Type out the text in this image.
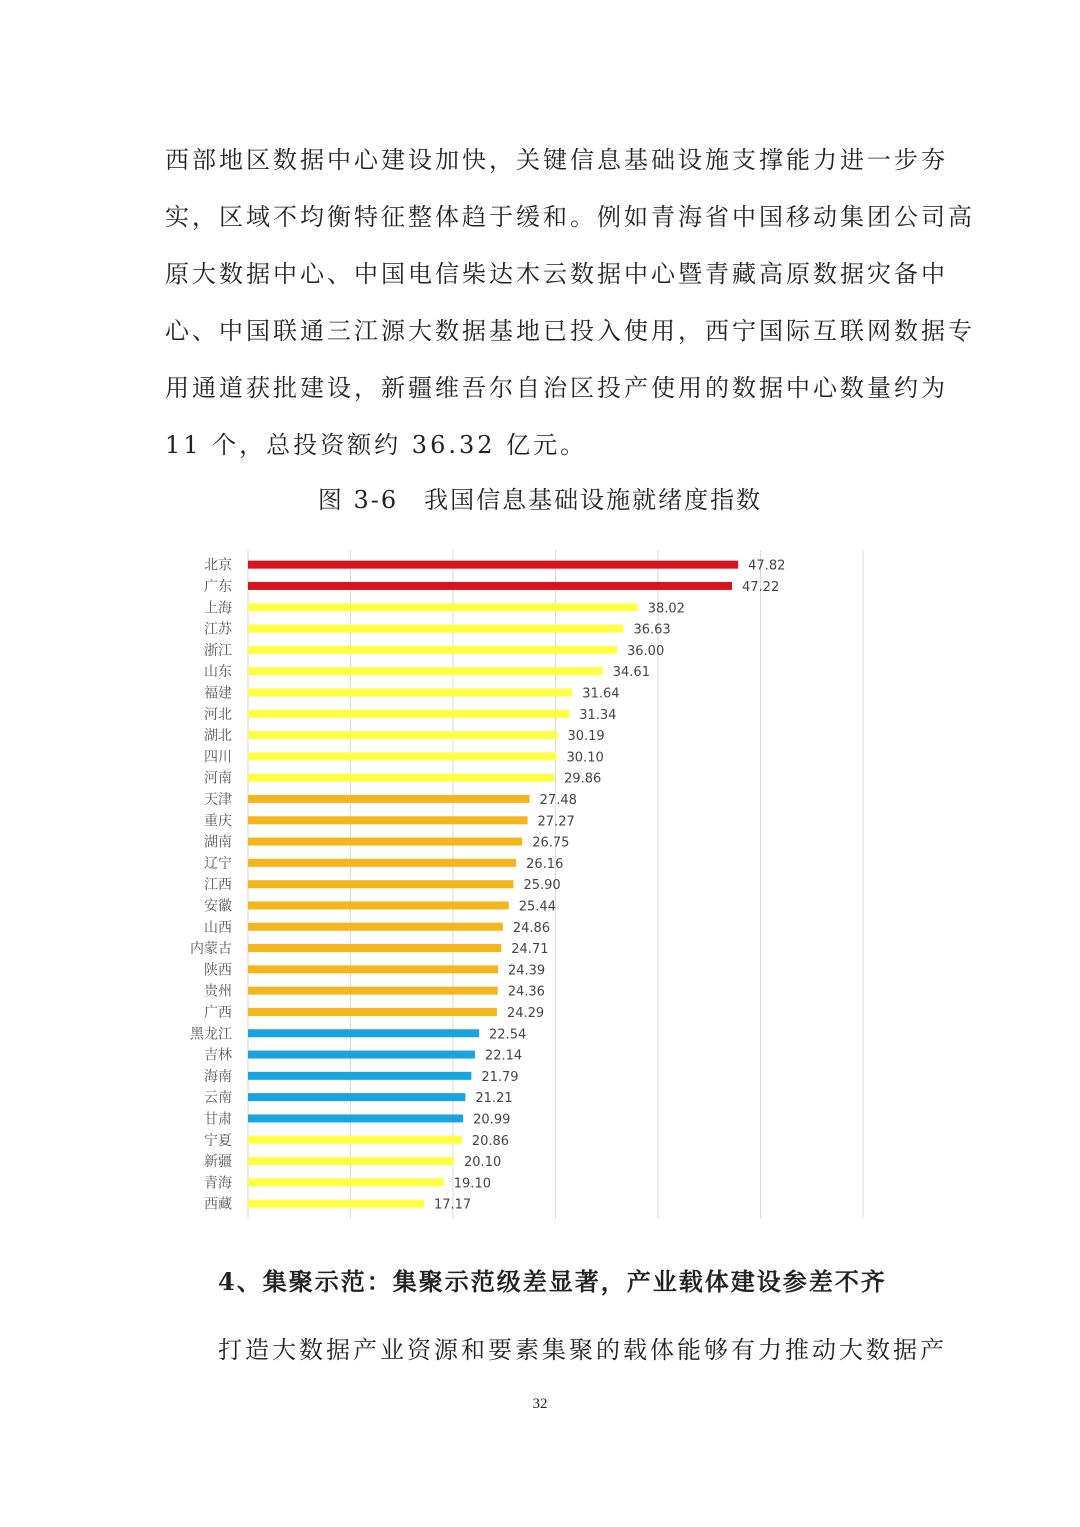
西部地区数据中心建设加快，关键信息基础设施支撑能力进一步夯

实，区域不均衡特征整体趋于缓和。例如青海省中国移动集团公司高

原大数据中心、中国电信柴达木云数据中心暨青藏高原数据灾备中

心、中国联通三江源大数据基地已投入使用，西宁国际互联网数据专

用通道获批建设，新疆维吾尔自治区投产使用的数据中心数量约为

11 个，总投资额约 36.32 亿元。

图 3-6　我国信息基础设施就绪度指数
北京	47.82
广东	47.22
上海	38.02
江苏	36.63
浙江	36.00
山东	34.61
福建	31.64
河北	31.34
湖北	30.19
四川	30.10
河南	29.86
天津	27.48
重庆	27.27
湖南	26.75
辽宁	26.16
江西	25.90
安徽	25.44
山西	24.86
内蒙古	24.71
陕西	24.39
贵州	24.36
广西	24.29
黑龙江	22.54
吉林	22.14
海南	21.79
云南	21.21
甘肃	20.99
宁夏	20.86
新疆	20.10
青海	19.10
西藏	17.17
4、集聚示范：集聚示范级差显著，产业载体建设参差不齐

打造大数据产业资源和要素集聚的载体能够有力推动大数据产

32
